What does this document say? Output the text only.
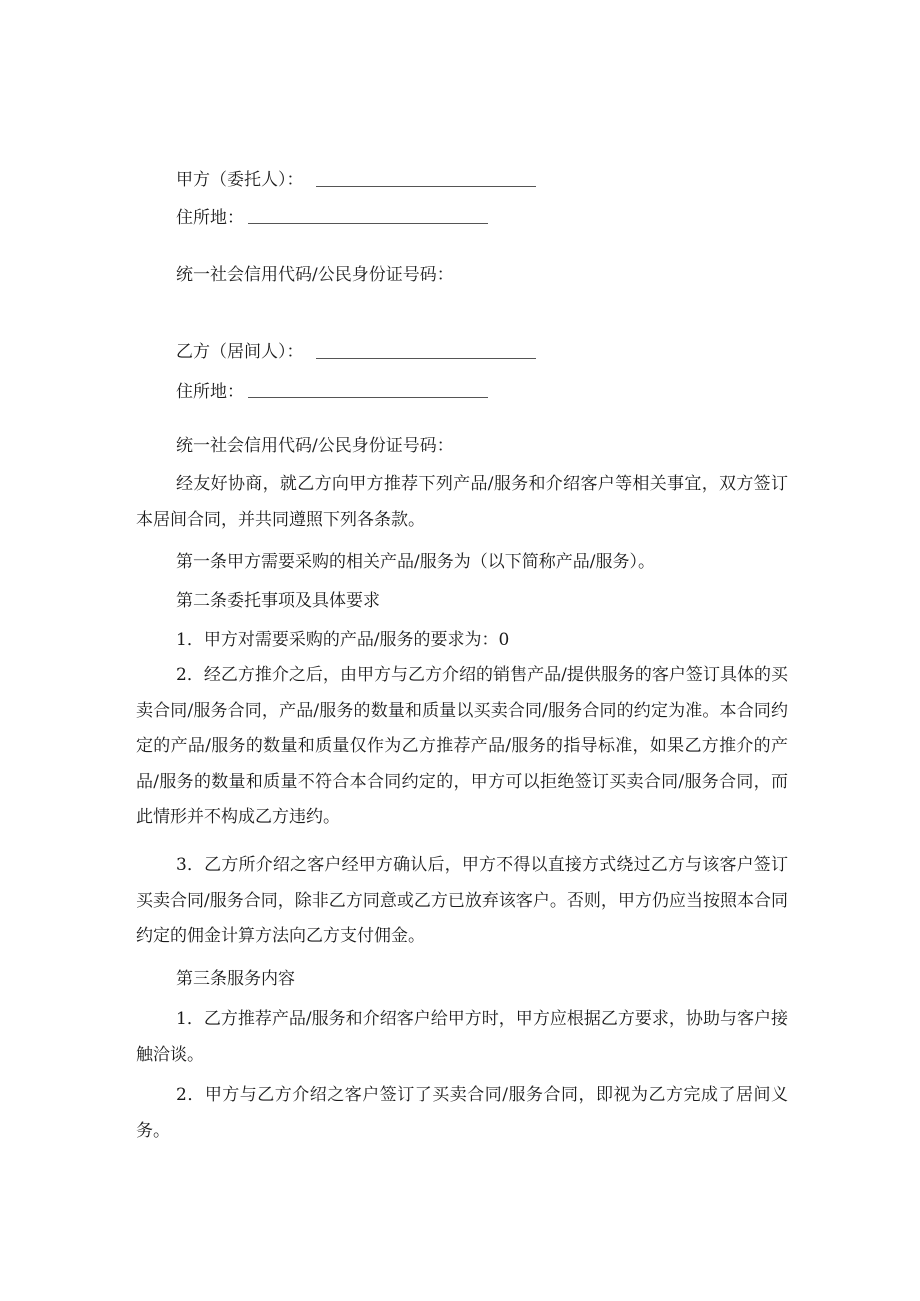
甲方（委托人）：
住所地：
统一社会信用代码/公民身份证号码：
乙方（居间人）：
住所地：
统一社会信用代码/公民身份证号码：
经友好协商，就乙方向甲方推荐下列产品/服务和介绍客户等相关事宜，双方签订本居间合同，并共同遵照下列各条款。
第一条甲方需要采购的相关产品/服务为（以下简称产品/服务）。
第二条委托事项及具体要求
1．甲方对需要采购的产品/服务的要求为：0
2．经乙方推介之后，由甲方与乙方介绍的销售产品/提供服务的客户签订具体的买卖合同/服务合同，产品/服务的数量和质量以买卖合同/服务合同的约定为准。本合同约定的产品/服务的数量和质量仅作为乙方推荐产品/服务的指导标准，如果乙方推介的产品/服务的数量和质量不符合本合同约定的，甲方可以拒绝签订买卖合同/服务合同，而此情形并不构成乙方违约。
3．乙方所介绍之客户经甲方确认后，甲方不得以直接方式绕过乙方与该客户签订买卖合同/服务合同，除非乙方同意或乙方已放弃该客户。否则，甲方仍应当按照本合同约定的佣金计算方法向乙方支付佣金。
第三条服务内容
1．乙方推荐产品/服务和介绍客户给甲方时，甲方应根据乙方要求，协助与客户接触洽谈。
2．甲方与乙方介绍之客户签订了买卖合同/服务合同，即视为乙方完成了居间义务。
